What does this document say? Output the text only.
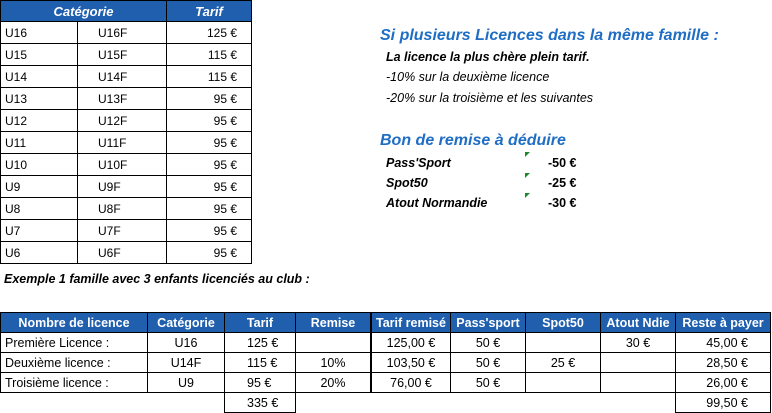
Catégorie		Tarif
U16	U16F	125 €
U15	U15F	115 €
U14	U14F	115 €
U13	U13F	95 €
U12	U12F	95 €
U11	U11F	95 €
U10	U10F	95 €
U9	U9F	95 €
U8	U8F	95 €
U7	U7F	95 €
U6	U6F	95 €
Si plusieurs Licences dans la même famille :
La licence la plus chère plein tarif.
-10% sur la deuxième licence
-20% sur la troisième et les suivantes
Bon de remise à déduire
Pass'Sport	-50 €
Spot50	-25 €
Atout Normandie	-30 €
Exemple 1 famille avec 3 enfants licenciés au club :
Nombre de licence	Catégorie	Tarif	Remise	Tarif remisé	Pass'sport	Spot50	Atout Ndie	Reste à payer
Première Licence :	U16	125 €		125,00 €	50 €		30 €	45,00 €
Deuxième licence :	U14F	115 €	10%	103,50 €	50 €	25 €		28,50 €
Troisième licence :	U9	95 €	20%	76,00 €	50 €			26,00 €
		335 €						99,50 €
